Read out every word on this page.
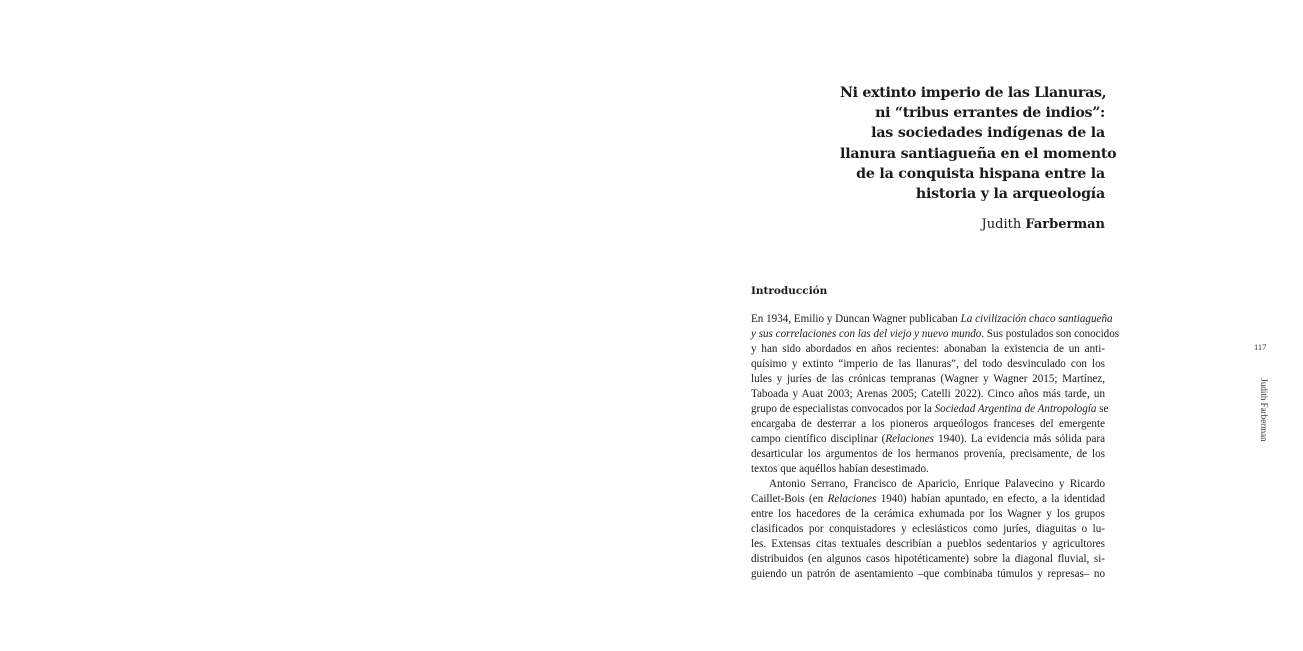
Ni extinto imperio de las Llanuras,
ni “tribus errantes de indios”:
las sociedades indígenas de la
llanura santiagueña en el momento
de la conquista hispana entre la
historia y la arqueología
Judith Farberman
Introducción
En 1934, Emilio y Duncan Wagner publicaban La civilización chaco santiagueña
y sus correlaciones con las del viejo y nuevo mundo. Sus postulados son conocidos
y han sido abordados en años recientes: abonaban la existencia de un anti-
quísimo y extinto “imperio de las llanuras”, del todo desvinculado con los
lules y juríes de las crónicas tempranas (Wagner y Wagner 2015; Martínez,
Taboada y Auat 2003; Arenas 2005; Catelli 2022). Cinco años más tarde, un
grupo de especialistas convocados por la Sociedad Argentina de Antropología se
encargaba de desterrar a los pioneros arqueólogos franceses del emergente
campo científico disciplinar (Relaciones 1940). La evidencia más sólida para
desarticular los argumentos de los hermanos provenía, precisamente, de los
textos que aquéllos habían desestimado.
Antonio Serrano, Francisco de Aparicio, Enrique Palavecino y Ricardo
Caillet-Bois (en Relaciones 1940) habían apuntado, en efecto, a la identidad
entre los hacedores de la cerámica exhumada por los Wagner y los grupos
clasificados por conquistadores y eclesiásticos como juríes, diaguitas o lu-
les. Extensas citas textuales describían a pueblos sedentarios y agricultores
distribuidos (en algunos casos hipotéticamente) sobre la diagonal fluvial, si-
guiendo un patrón de asentamiento –que combinaba túmulos y represas– no
117
Judith Farberman
